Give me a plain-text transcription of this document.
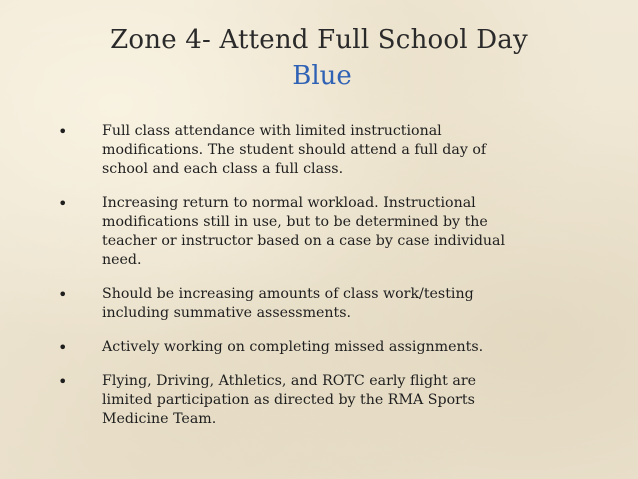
Zone 4- Attend Full School Day
Blue
• Full class attendance with limited instructional modifications. The student should attend a full day of school and each class a full class.
• Increasing return to normal workload. Instructional modifications still in use, but to be determined by the teacher or instructor based on a case by case individual need.
• Should be increasing amounts of class work/testing including summative assessments.
• Actively working on completing missed assignments.
• Flying, Driving, Athletics, and ROTC early flight are limited participation as directed by the RMA Sports Medicine Team.
